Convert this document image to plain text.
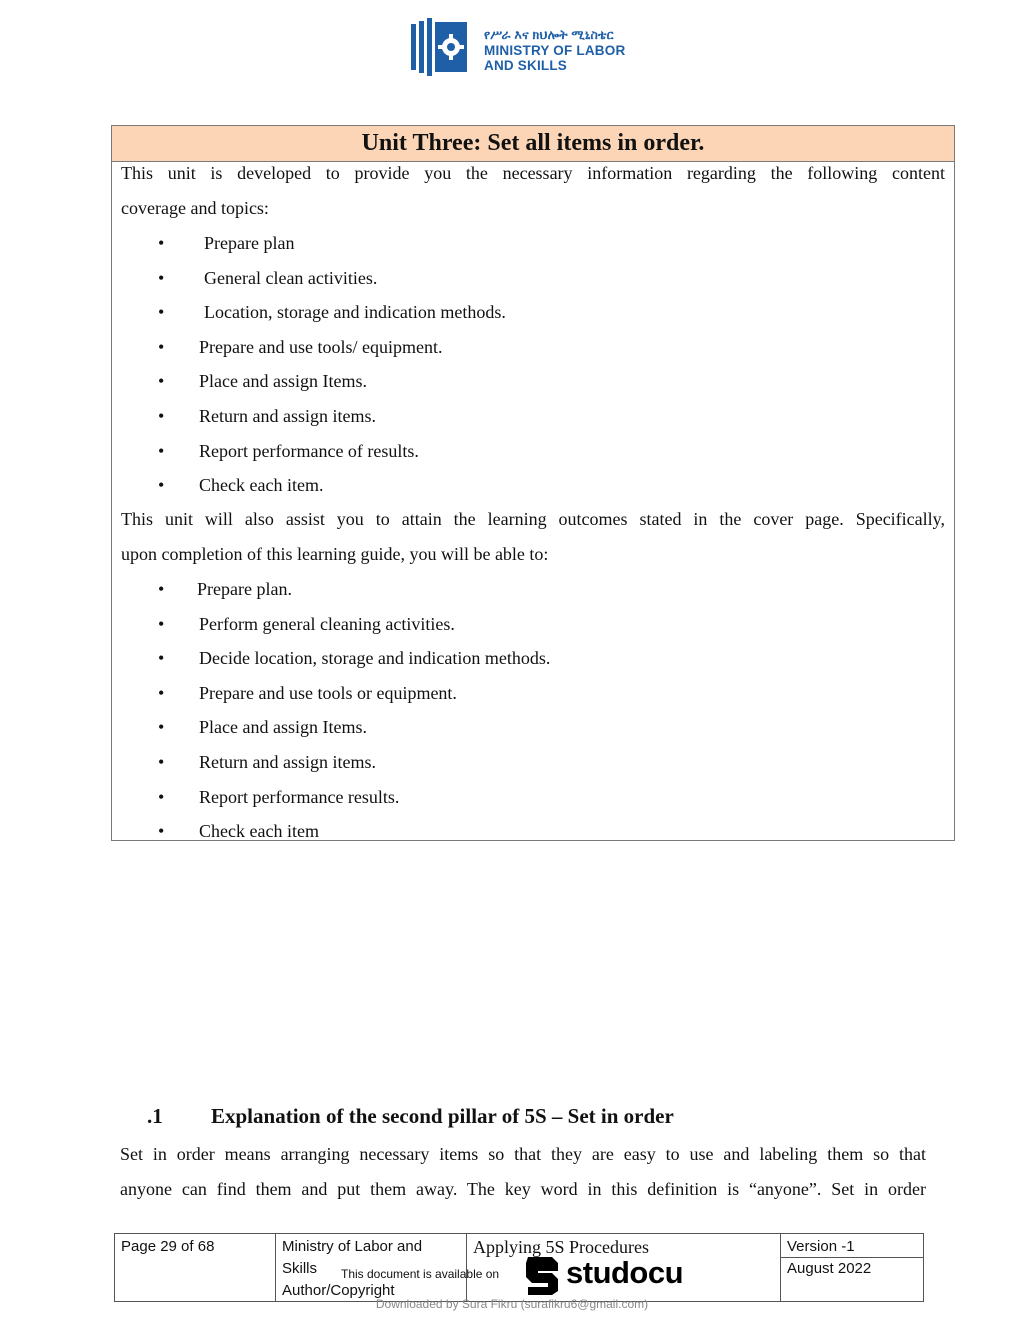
የሥራ እና ክህሎት ሚኒስቴር
MINISTRY OF LABOR
AND SKILLS
Unit Three: Set all items in order.
This unit is developed to provide you the necessary information regarding the following content
coverage and topics:
• Prepare plan
• General clean activities.
• Location, storage and indication methods.
• Prepare and use tools/ equipment.
• Place and assign Items.
• Return and assign items.
• Report performance of results.
• Check each item.
This unit will also assist you to attain the learning outcomes stated in the cover page. Specifically,
upon completion of this learning guide, you will be able to:
• Prepare plan.
• Perform general cleaning activities.
• Decide location, storage and indication methods.
• Prepare and use tools or equipment.
• Place and assign Items.
• Return and assign items.
• Report performance results.
• Check each item
.1 Explanation of the second pillar of 5S – Set in order
Set in order means arranging necessary items so that they are easy to use and labeling them so that
anyone can find them and put them away. The key word in this definition is “anyone”. Set in order
Page 29 of 68	Ministry of Labor and
Skills
Author/Copyright
Applying 5S Procedures	Version -1
August 2022
This document is available on studocu
Downloaded by Sura Fikru (surafikru6@gmail.com)
